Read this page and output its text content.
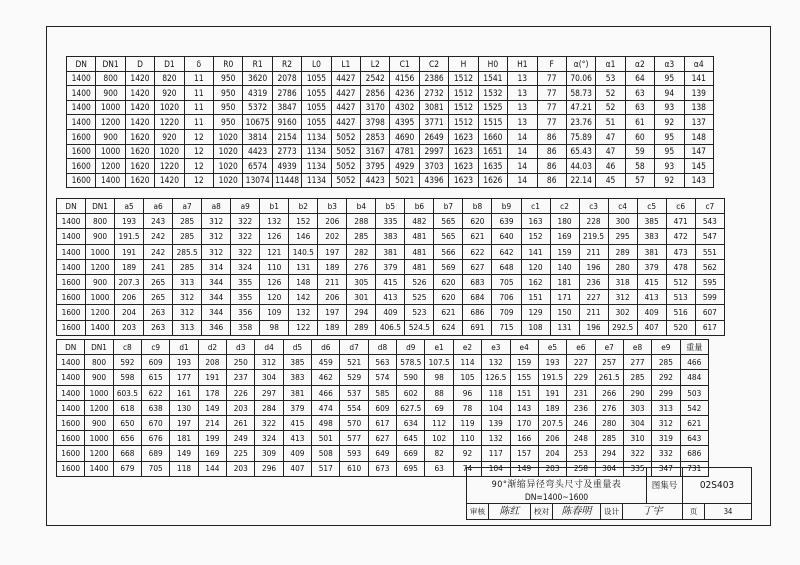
DN	DN1	D	D1	δ	R0	R1	R2	L0	L1	L2	C1	C2	H	H0	H1	F	α(°)	α1	α2	α3	α4
1400	800	1420	820	11	950	3620	2078	1055	4427	2542	4156	2386	1512	1541	13	77	70.06	53	64	95	141
1400	900	1420	920	11	950	4319	2786	1055	4427	2856	4236	2732	1512	1532	13	77	58.73	52	63	94	139
1400	1000	1420	1020	11	950	5372	3847	1055	4427	3170	4302	3081	1512	1525	13	77	47.21	52	63	93	138
1400	1200	1420	1220	11	950	10675	9160	1055	4427	3798	4395	3771	1512	1515	13	77	23.76	51	61	92	137
1600	900	1620	920	12	1020	3814	2154	1134	5052	2853	4690	2649	1623	1660	14	86	75.89	47	60	95	148
1600	1000	1620	1020	12	1020	4423	2773	1134	5052	3167	4781	2997	1623	1651	14	86	65.43	47	59	95	147
1600	1200	1620	1220	12	1020	6574	4939	1134	5052	3795	4929	3703	1623	1635	14	86	44.03	46	58	93	145
1600	1400	1620	1420	12	1020	13074	11448	1134	5052	4423	5021	4396	1623	1626	14	86	22.14	45	57	92	143
DN	DN1	a5	a6	a7	a8	a9	b1	b2	b3	b4	b5	b6	b7	b8	b9	c1	c2	c3	c4	c5	c6	c7
1400	800	193	243	285	312	322	132	152	206	288	335	482	565	620	639	163	180	228	300	385	471	543
1400	900	191.5	242	285	312	322	126	146	202	285	383	481	565	621	640	152	169	219.5	295	383	472	547
1400	1000	191	242	285.5	312	322	121	140.5	197	282	381	481	566	622	642	141	159	211	289	381	473	551
1400	1200	189	241	285	314	324	110	131	189	276	379	481	569	627	648	120	140	196	280	379	478	562
1600	900	207.3	265	313	344	355	126	148	211	305	415	526	620	683	705	162	181	236	318	415	512	595
1600	1000	206	265	312	344	355	120	142	206	301	413	525	620	684	706	151	171	227	312	413	513	599
1600	1200	204	263	312	344	356	109	132	197	294	409	523	621	686	709	129	150	211	302	409	516	607
1600	1400	203	263	313	346	358	98	122	189	289	406.5	524.5	624	691	715	108	131	196	292.5	407	520	617
DN	DN1	c8	c9	d1	d2	d3	d4	d5	d6	d7	d8	d9	e1	e2	e3	e4	e5	e6	e7	e8	e9	重量
1400	800	592	609	193	208	250	312	385	459	521	563	578.5	107.5	114	132	159	193	227	257	277	285	466
1400	900	598	615	177	191	237	304	383	462	529	574	590	98	105	126.5	155	191.5	229	261.5	285	292	484
1400	1000	603.5	622	161	178	226	297	381	466	537	585	602	88	96	118	151	191	231	266	290	299	503
1400	1200	618	638	130	149	203	284	379	474	554	609	627.5	69	78	104	143	189	236	276	303	313	542
1600	900	650	670	197	214	261	322	415	498	570	617	634	112	119	139	170	207.5	246	280	304	312	621
1600	1000	656	676	181	199	249	324	413	501	577	627	645	102	110	132	166	206	248	285	310	319	643
1600	1200	668	689	149	169	225	309	409	508	593	649	669	82	92	117	157	204	253	294	322	332	686
1600	1400	679	705	118	144	203	296	407	517	610	673	695	63	74	104	149	203	258	304	335	347	731
90°渐缩异径弯头尺寸及重量表
DN=1400~1600
图集号	02S403
审核	陈红	校对	陈春明	设计	丁宇	页	34
